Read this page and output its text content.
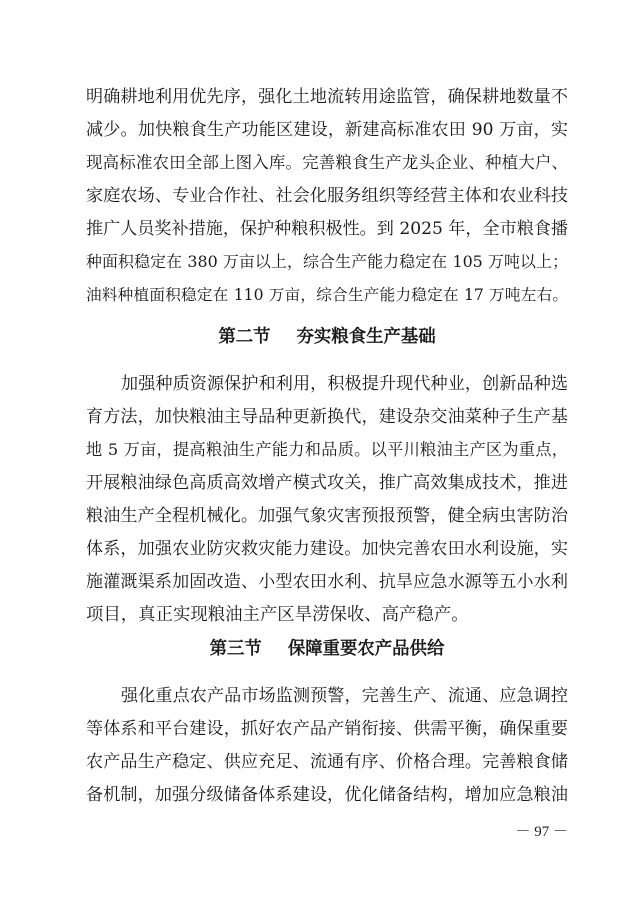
明确耕地利用优先序，强化土地流转用途监管，确保耕地数量不
减少。加快粮食生产功能区建设，新建高标准农田 90 万亩，实
现高标准农田全部上图入库。完善粮食生产龙头企业、种植大户、
家庭农场、专业合作社、社会化服务组织等经营主体和农业科技
推广人员奖补措施，保护种粮积极性。到 2025 年，全市粮食播
种面积稳定在 380 万亩以上，综合生产能力稳定在 105 万吨以上；
油料种植面积稳定在 110 万亩，综合生产能力稳定在 17 万吨左右。
第二节 夯实粮食生产基础
加强种质资源保护和利用，积极提升现代种业，创新品种选
育方法，加快粮油主导品种更新换代，建设杂交油菜种子生产基
地 5 万亩，提高粮油生产能力和品质。以平川粮油主产区为重点，
开展粮油绿色高质高效增产模式攻关，推广高效集成技术，推进
粮油生产全程机械化。加强气象灾害预报预警，健全病虫害防治
体系，加强农业防灾救灾能力建设。加快完善农田水利设施，实
施灌溉渠系加固改造、小型农田水利、抗旱应急水源等五小水利
项目，真正实现粮油主产区旱涝保收、高产稳产。
第三节 保障重要农产品供给
强化重点农产品市场监测预警，完善生产、流通、应急调控
等体系和平台建设，抓好农产品产销衔接、供需平衡，确保重要
农产品生产稳定、供应充足、流通有序、价格合理。完善粮食储
备机制，加强分级储备体系建设，优化储备结构，增加应急粮油
－ 97 －
